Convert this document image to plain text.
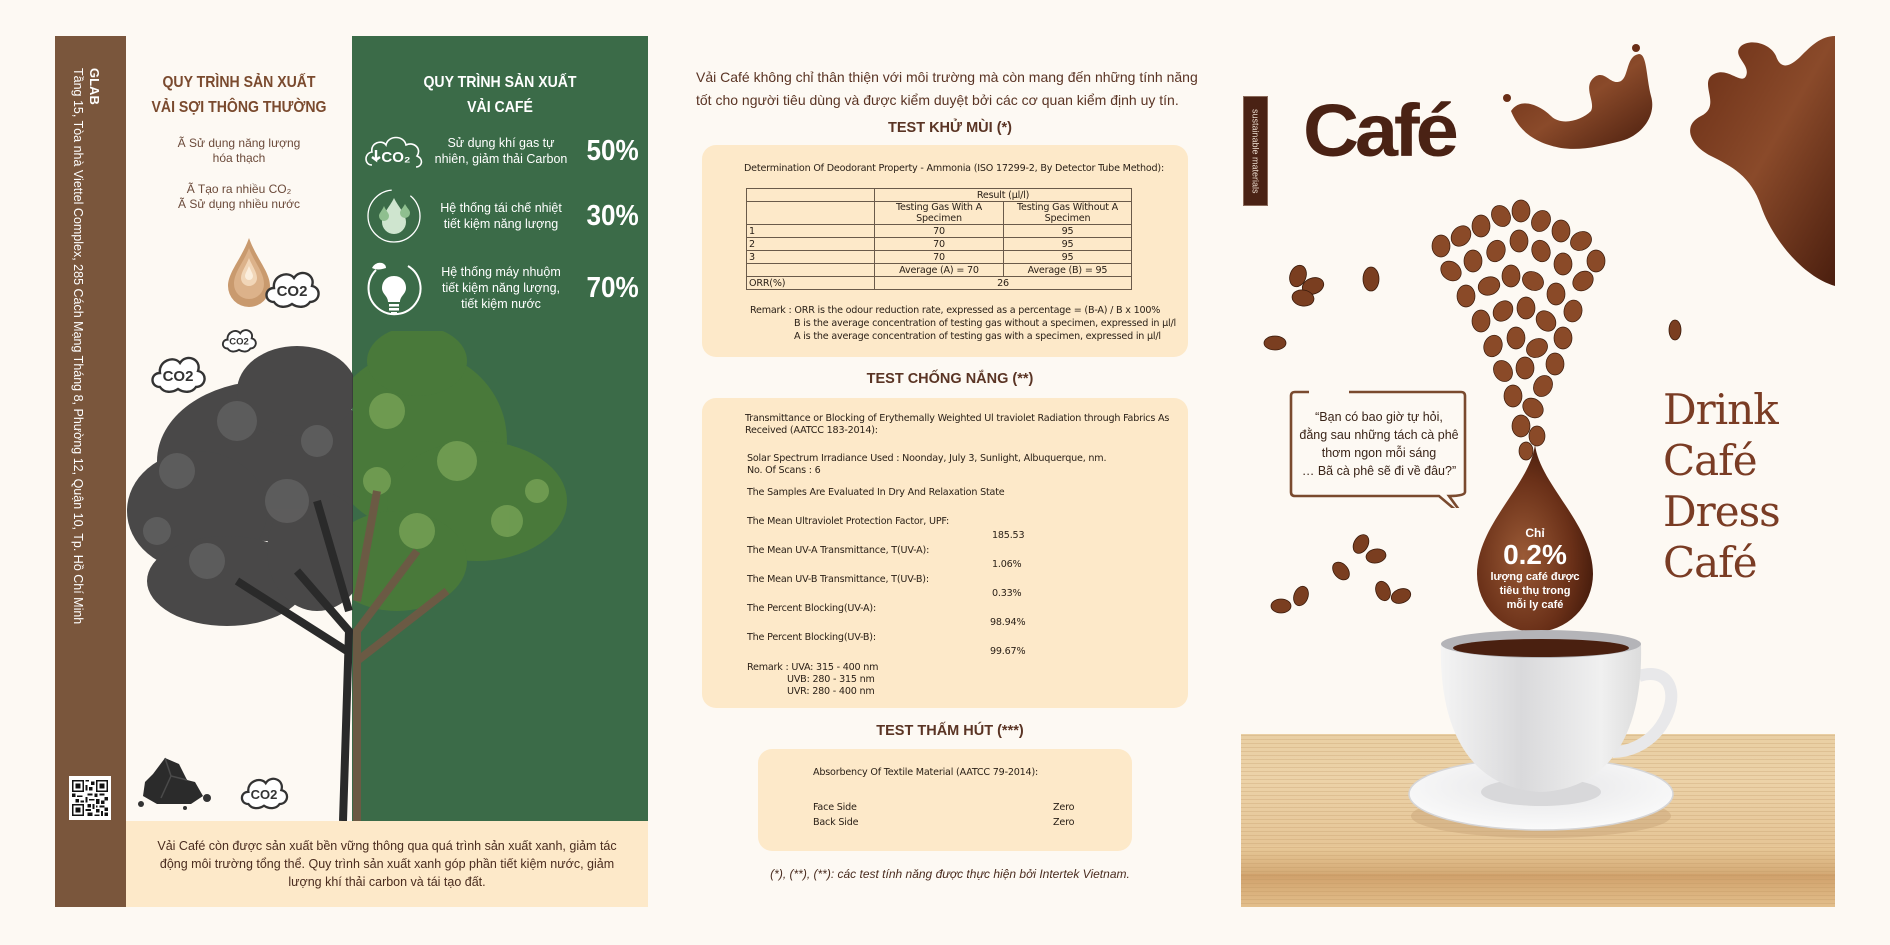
GLAB
Tầng 15, Tòa nhà Viettel Complex, 285 Cách Mạng Tháng 8, Phường 12, Quận 10, Tp. Hồ Chí Minh	QUY TRÌNH SẢN XUẤT
VẢI SỢI THÔNG THƯỜNG
Ã Sử dụng năng lượng
hóa thạch
Ã Tạo ra nhiều CO₂
Ã Sử dụng nhiều nước
QUY TRÌNH SẢN XUẤT
VẢI CAFÉ
CO₂
Sử dụng khí gas tự
nhiên, giảm thải Carbon 50%
Hệ thống tái chế nhiệt
tiết kiệm năng lượng 30%
Hệ thống máy nhuộm
tiết kiệm năng lượng,
tiết kiệm nước
70%
CO2
CO2
CO2
CO2

Vải Café còn được sản xuất bền vững thông qua quá trình sản xuất xanh, giảm tác động môi trường tổng thể. Quy trình sản xuất xanh góp phần tiết kiệm nước, giảm lượng khí thải carbon và tái tạo đất.

Vải Café không chỉ thân thiện với môi trường mà còn mang đến những tính năng tốt cho người tiêu dùng và được kiểm duyệt bởi các cơ quan kiểm định uy tín.

TEST KHỬ MÙI (*)
Determination Of Deodorant Property - Ammonia (ISO 17299-2, By Detector Tube Method):
	Result (μl/l)	
	Testing Gas With A Specimen	Testing Gas Without A Specimen
1	70	95
2	70	95
3	70	95
	Average (A) = 70	Average (B) = 95
ORR(%)	26	
Remark : ORR is the odour reduction rate, expressed as a percentage = (B-A) / B x 100%
B is the average concentration of testing gas without a specimen, expressed in μl/l
A is the average concentration of testing gas with a specimen, expressed in μl/l
TEST CHỐNG NẮNG (**)
Transmittance or Blocking of Erythemally Weighted Ul traviolet Radiation through Fabrics As
Received (AATCC 183-2014):
Solar Spectrum Irradiance Used : Noonday, July 3, Sunlight, Albuquerque, nm.
No. Of Scans : 6
The Samples Are Evaluated In Dry And Relaxation State
The Mean Ultraviolet Protection Factor, UPF:
185.53
The Mean UV-A Transmittance, T(UV-A):
1.06%
The Mean UV-B Transmittance, T(UV-B):
0.33%
The Percent Blocking(UV-A):
98.94%
The Percent Blocking(UV-B):
99.67%
Remark : UVA: 315 - 400 nm
UVB: 280 - 315 nm
UVR: 280 - 400 nm
TEST THẤM HÚT (***)
Absorbency Of Textile Material (AATCC 79-2014):
Face Side	Zero
Back Side	Zero
(*), (**), (**): các test tính năng được thực hiện bởi Intertek Vietnam.
sustainable materials Café
“Bạn có bao giờ tự hỏi,
đằng sau những tách cà phê
thơm ngon mỗi sáng
… Bã cà phê sẽ đi về đâu?”
Chỉ
0.2%
lượng café được
tiêu thụ trong
mỗi ly café
Drink
Café
Dress
Café
